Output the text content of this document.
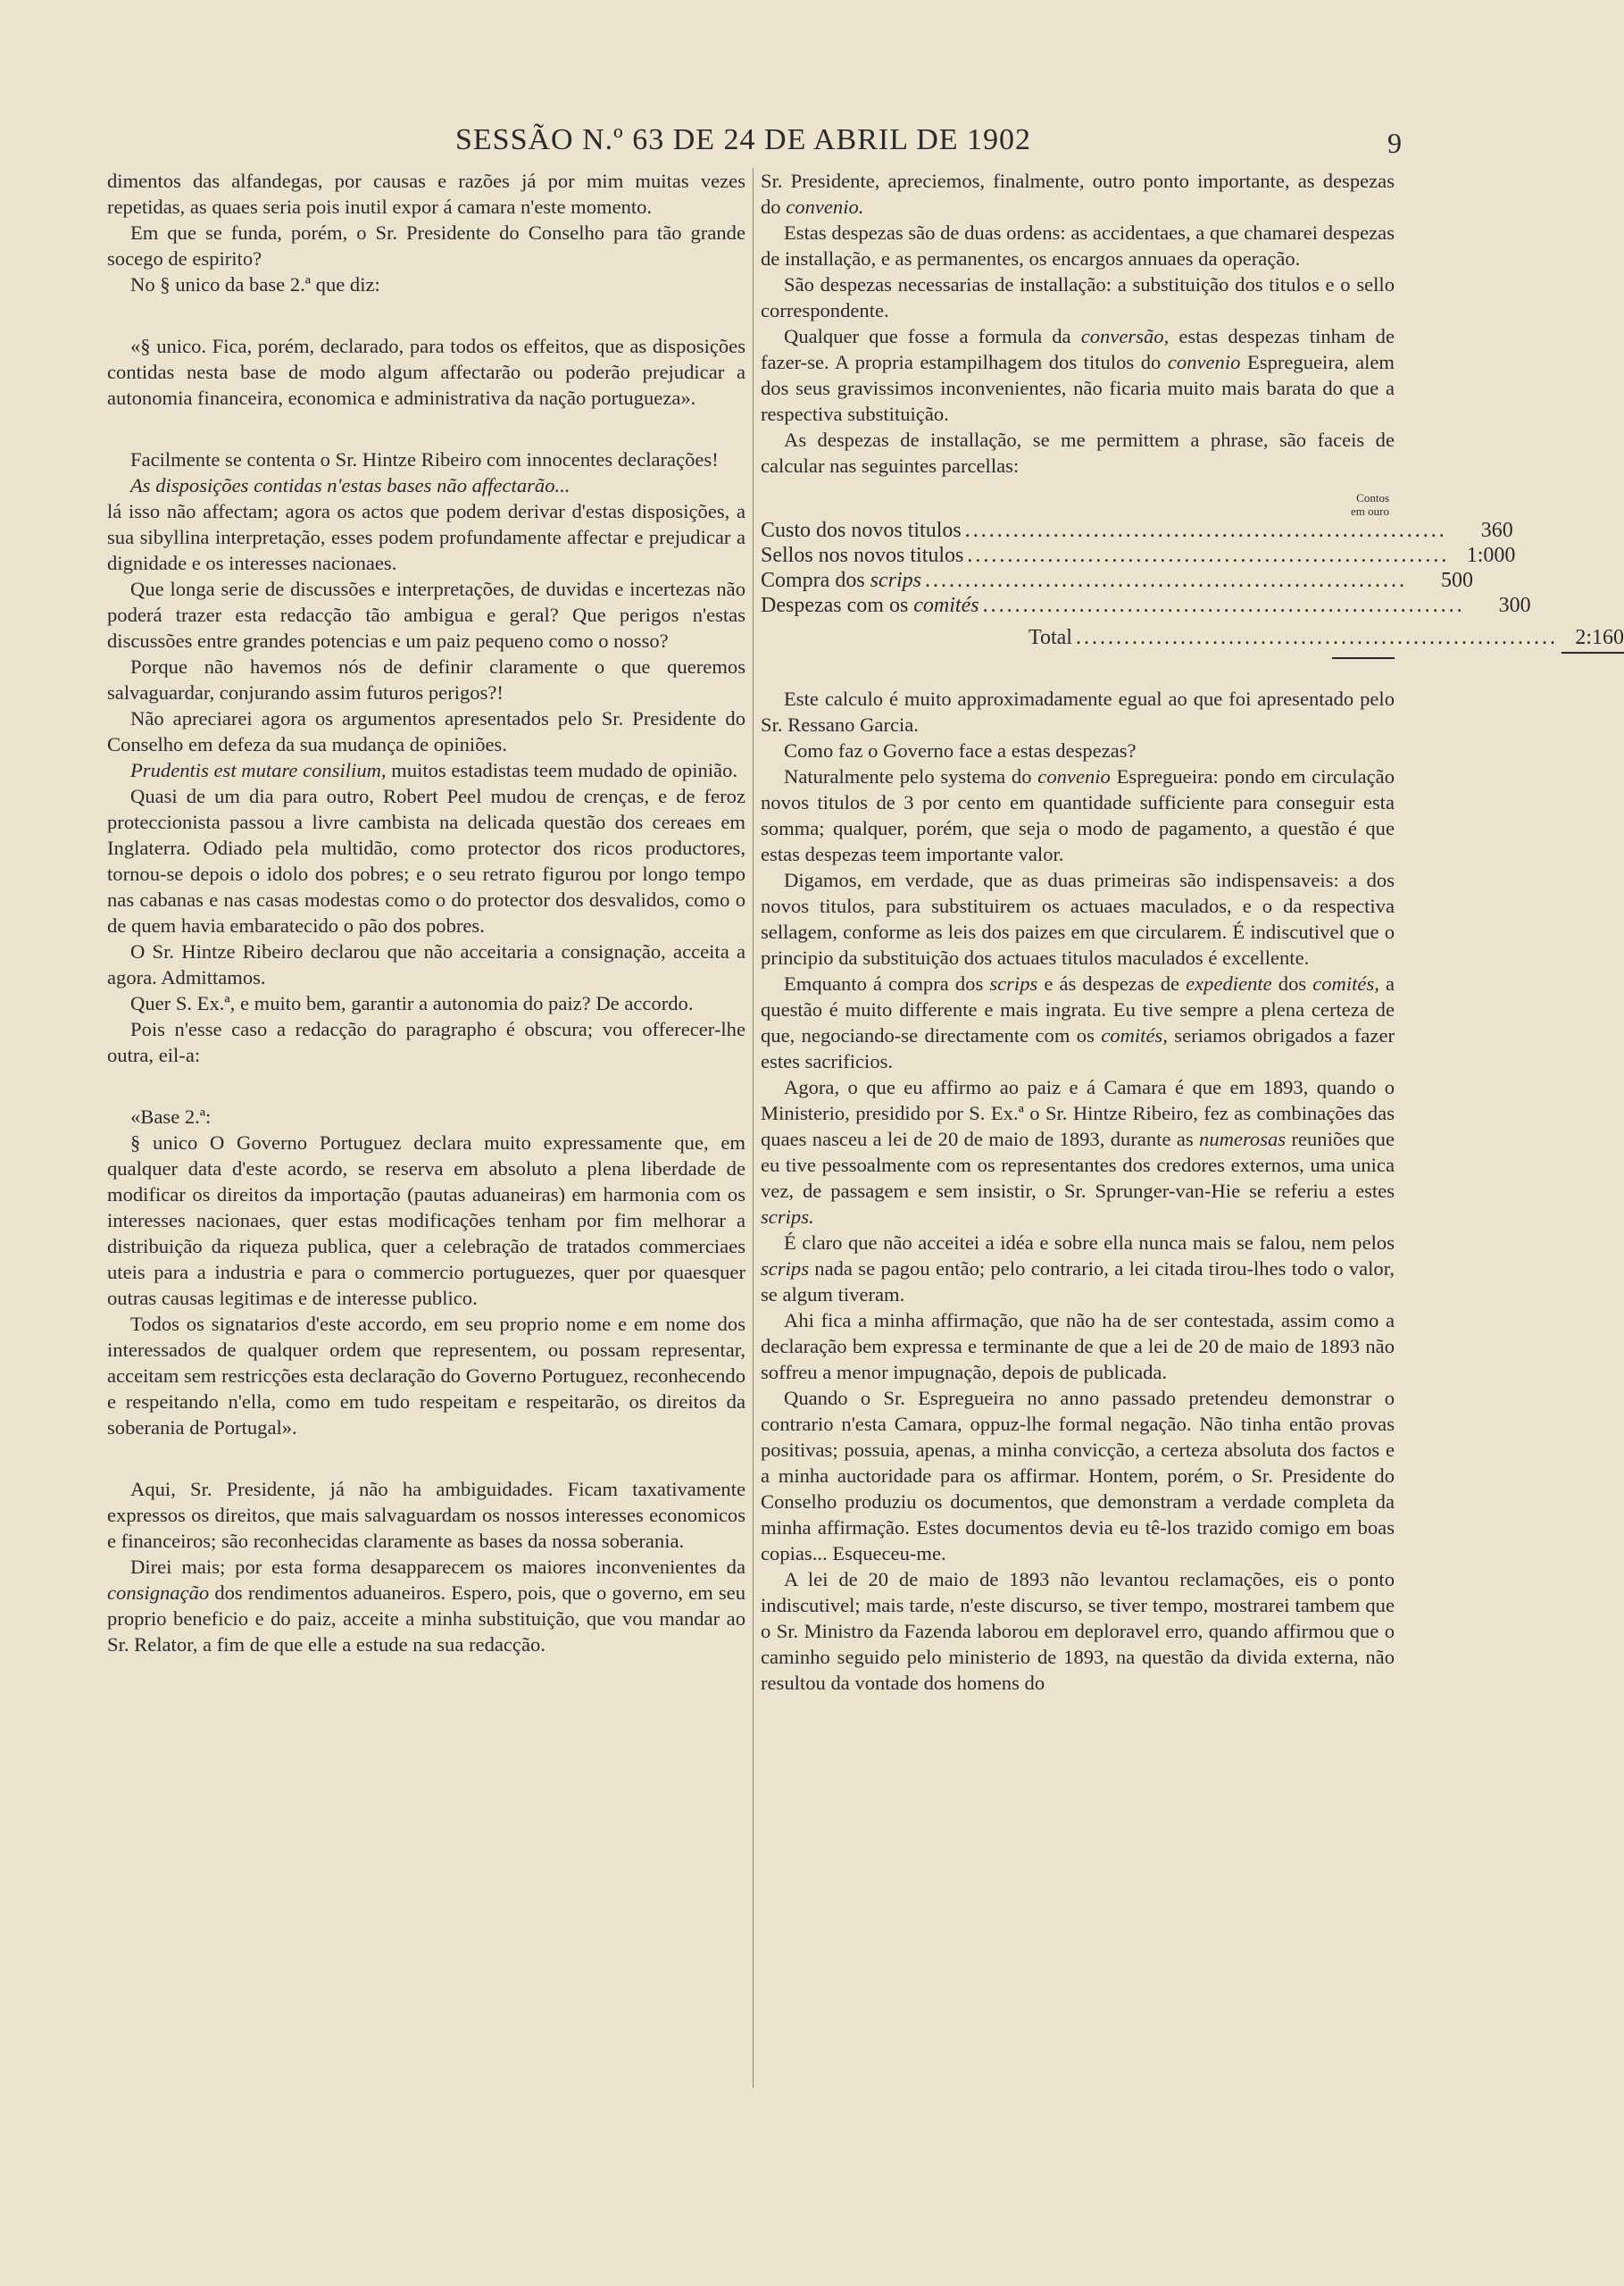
SESSÃO N.º 63 DE 24 DE ABRIL DE 1902	9

dimentos das alfandegas, por causas e razões já por mim muitas vezes repetidas, as quaes seria pois inutil expor á camara n'este momento.

Em que se funda, porém, o Sr. Presidente do Conselho para tão grande socego de espirito?

No § unico da base 2.ª que diz:

«§ unico. Fica, porém, declarado, para todos os effeitos, que as disposições contidas nesta base de modo algum affectarão ou poderão prejudicar a autonomia financeira, economica e administrativa da nação portugueza».

Facilmente se contenta o Sr. Hintze Ribeiro com innocentes declarações!

As disposições contidas n'estas bases não affectarão...

lá isso não affectam; agora os actos que podem derivar d'estas disposições, a sua sibyllina interpretação, esses podem profundamente affectar e prejudicar a dignidade e os interesses nacionaes.

Que longa serie de discussões e interpretações, de duvidas e incertezas não poderá trazer esta redacção tão ambigua e geral? Que perigos n'estas discussões entre grandes potencias e um paiz pequeno como o nosso?

Porque não havemos nós de definir claramente o que queremos salvaguardar, conjurando assim futuros perigos?!

Não apreciarei agora os argumentos apresentados pelo Sr. Presidente do Conselho em defeza da sua mudança de opiniões.

Prudentis est mutare consilium, muitos estadistas teem mudado de opinião.

Quasi de um dia para outro, Robert Peel mudou de crenças, e de feroz proteccionista passou a livre cambista na delicada questão dos cereaes em Inglaterra. Odiado pela multidão, como protector dos ricos productores, tornou-se depois o idolo dos pobres; e o seu retrato figurou por longo tempo nas cabanas e nas casas modestas como o do protector dos desvalidos, como o de quem havia embaratecido o pão dos pobres.

O Sr. Hintze Ribeiro declarou que não acceitaria a consignação, acceita a agora. Admittamos.

Quer S. Ex.ª, e muito bem, garantir a autonomia do paiz? De accordo.

Pois n'esse caso a redacção do paragrapho é obscura; vou offerecer-lhe outra, eil-a:

«Base 2.ª:

§ unico O Governo Portuguez declara muito expressamente que, em qualquer data d'este acordo, se reserva em absoluto a plena liberdade de modificar os direitos da importação (pautas aduaneiras) em harmonia com os interesses nacionaes, quer estas modificações tenham por fim melhorar a distribuição da riqueza publica, quer a celebração de tratados commerciaes uteis para a industria e para o commercio portuguezes, quer por quaesquer outras causas legitimas e de interesse publico.

Todos os signatarios d'este accordo, em seu proprio nome e em nome dos interessados de qualquer ordem que representem, ou possam representar, acceitam sem restricções esta declaração do Governo Portuguez, reconhecendo e respeitando n'ella, como em tudo respeitam e respeitarão, os direitos da soberania de Portugal».

Aqui, Sr. Presidente, já não ha ambiguidades. Ficam taxativamente expressos os direitos, que mais salvaguardam os nossos interesses economicos e financeiros; são reconhecidas claramente as bases da nossa soberania.

Direi mais; por esta forma desapparecem os maiores inconvenientes da consignação dos rendimentos aduaneiros. Espero, pois, que o governo, em seu proprio beneficio e do paiz, acceite a minha substituição, que vou mandar ao Sr. Relator, a fim de que elle a estude na sua redacção.

Sr. Presidente, apreciemos, finalmente, outro ponto importante, as despezas do convenio.

Estas despezas são de duas ordens: as accidentaes, a que chamarei despezas de installação, e as permanentes, os encargos annuaes da operação.

São despezas necessarias de installação: a substituição dos titulos e o sello correspondente.

Qualquer que fosse a formula da conversão, estas despezas tinham de fazer-se. A propria estampilhagem dos titulos do convenio Espregueira, alem dos seus gravissimos inconvenientes, não ficaria muito mais barata do que a respectiva substituição.

As despezas de installação, se me permittem a phrase, são faceis de calcular nas seguintes parcellas:

Contos
em ouro
Custo dos novos titulos ............................................................	360
Sellos nos novos titulos ............................................................ 1:000
Compra dos scrips ............................................................	500
Despezas com os comités ............................................................	300
Total ............................................................ 2:160

Este calculo é muito approximadamente egual ao que foi apresentado pelo Sr. Ressano Garcia.

Como faz o Governo face a estas despezas?

Naturalmente pelo systema do convenio Espregueira: pondo em circulação novos titulos de 3 por cento em quantidade sufficiente para conseguir esta somma; qualquer, porém, que seja o modo de pagamento, a questão é que estas despezas teem importante valor.

Digamos, em verdade, que as duas primeiras são indispensaveis: a dos novos titulos, para substituirem os actuaes maculados, e o da respectiva sellagem, conforme as leis dos paizes em que circularem. É indiscutivel que o principio da substituição dos actuaes titulos maculados é excellente.

Emquanto á compra dos scrips e ás despezas de expediente dos comités, a questão é muito differente e mais ingrata. Eu tive sempre a plena certeza de que, negociando-se directamente com os comités, seriamos obrigados a fazer estes sacrificios.

Agora, o que eu affirmo ao paiz e á Camara é que em 1893, quando o Ministerio, presidido por S. Ex.ª o Sr. Hintze Ribeiro, fez as combinações das quaes nasceu a lei de 20 de maio de 1893, durante as numerosas reuniões que eu tive pessoalmente com os representantes dos credores externos, uma unica vez, de passagem e sem insistir, o Sr. Sprunger-van-Hie se referiu a estes scrips.

É claro que não acceitei a idéa e sobre ella nunca mais se falou, nem pelos scrips nada se pagou então; pelo contrario, a lei citada tirou-lhes todo o valor, se algum tiveram.

Ahi fica a minha affirmação, que não ha de ser contestada, assim como a declaração bem expressa e terminante de que a lei de 20 de maio de 1893 não soffreu a menor impugnação, depois de publicada.

Quando o Sr. Espregueira no anno passado pretendeu demonstrar o contrario n'esta Camara, oppuz-lhe formal negação. Não tinha então provas positivas; possuia, apenas, a minha convicção, a certeza absoluta dos factos e a minha auctoridade para os affirmar. Hontem, porém, o Sr. Presidente do Conselho produziu os documentos, que demonstram a verdade completa da minha affirmação. Estes documentos devia eu tê-los trazido comigo em boas copias... Esqueceu-me.

A lei de 20 de maio de 1893 não levantou reclamações, eis o ponto indiscutivel; mais tarde, n'este discurso, se tiver tempo, mostrarei tambem que o Sr. Ministro da Fazenda laborou em deploravel erro, quando affirmou que o caminho seguido pelo ministerio de 1893, na questão da divida externa, não resultou da vontade dos homens do
